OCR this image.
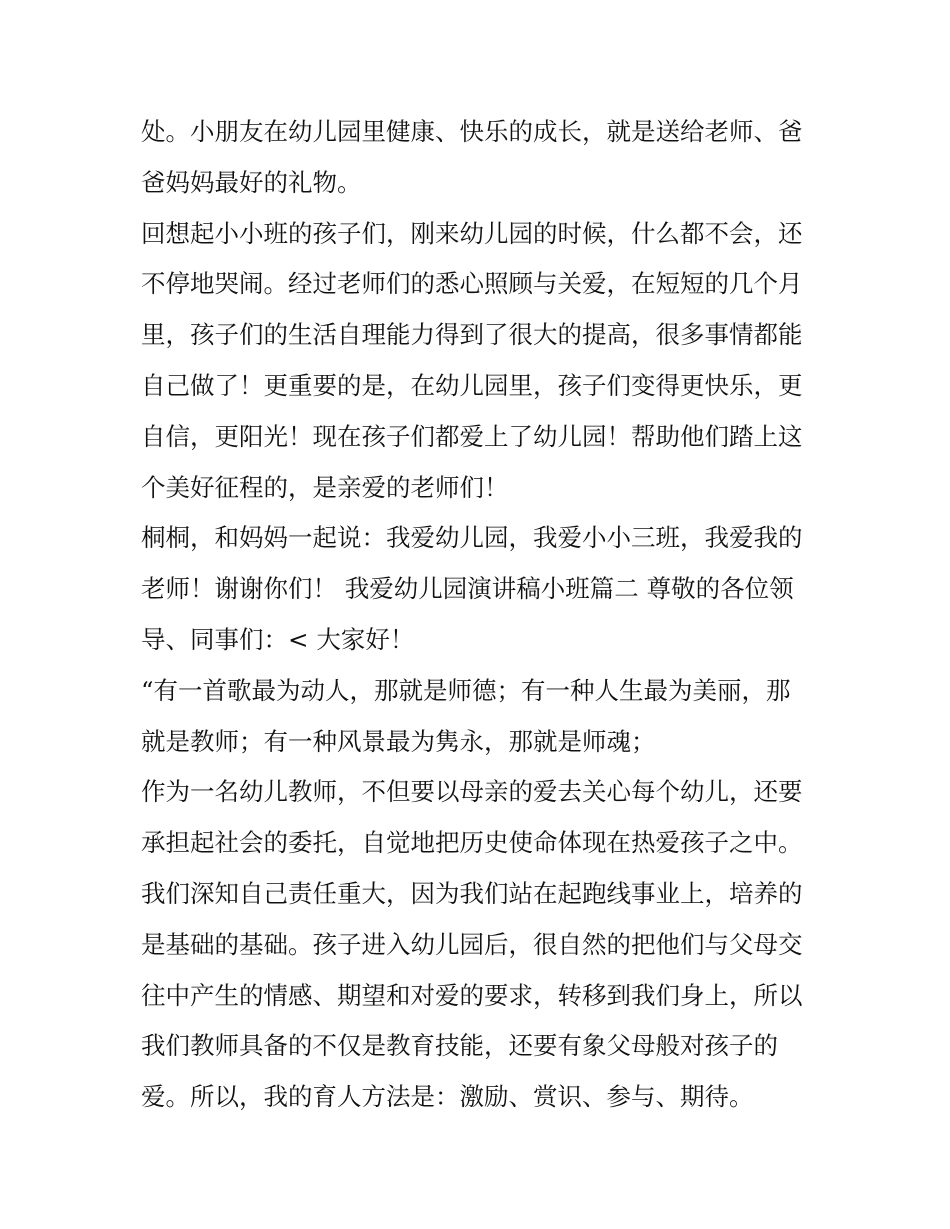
处。小朋友在幼儿园里健康、快乐的成长，就是送给老师、爸
爸妈妈最好的礼物。
回想起小小班的孩子们，刚来幼儿园的时候，什么都不会，还
不停地哭闹。经过老师们的悉心照顾与关爱，在短短的几个月
里，孩子们的生活自理能力得到了很大的提高，很多事情都能
自己做了！更重要的是，在幼儿园里，孩子们变得更快乐，更
自信，更阳光！现在孩子们都爱上了幼儿园！帮助他们踏上这
个美好征程的，是亲爱的老师们！
桐桐，和妈妈一起说：我爱幼儿园，我爱小小三班，我爱我的
老师！谢谢你们！ 我爱幼儿园演讲稿小班篇二 尊敬的各位领
导、同事们：< 大家好！
“有一首歌最为动人，那就是师德；有一种人生最为美丽，那
就是教师；有一种风景最为隽永，那就是师魂；
作为一名幼儿教师，不但要以母亲的爱去关心每个幼儿，还要
承担起社会的委托，自觉地把历史使命体现在热爱孩子之中。
我们深知自己责任重大，因为我们站在起跑线事业上，培养的
是基础的基础。孩子进入幼儿园后，很自然的把他们与父母交
往中产生的情感、期望和对爱的要求，转移到我们身上，所以
我们教师具备的不仅是教育技能，还要有象父母般对孩子的
爱。所以，我的育人方法是：激励、赏识、参与、期待。
